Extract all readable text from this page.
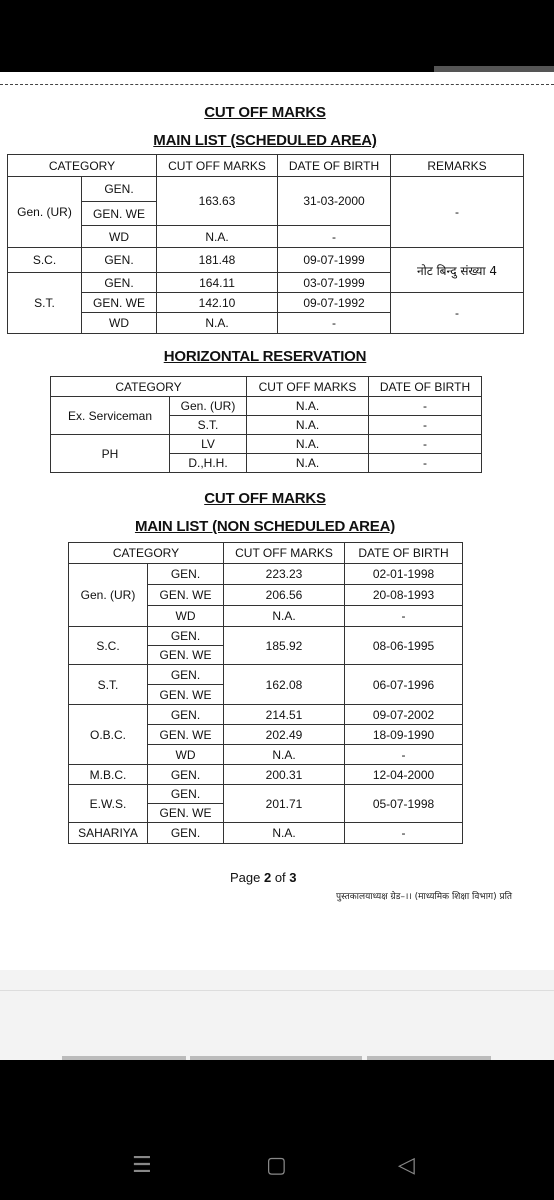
CUT OFF MARKS
MAIN LIST (SCHEDULED AREA)
CATEGORY		CUT OFF MARKS	DATE OF BIRTH	REMARKS
Gen. (UR)	GEN.	163.63	31-03-2000	-
	GEN. WE			
	WD	N.A.	-	
S.C.	GEN.	181.48	09-07-1999	नोट बिन्दु संख्या 4
S.T.	GEN.	164.11	03-07-1999	
	GEN. WE	142.10	09-07-1992	-
	WD	N.A.	-	
HORIZONTAL RESERVATION
CATEGORY		CUT OFF MARKS	DATE OF BIRTH
Ex. Serviceman	Gen. (UR)	N.A.	-
	S.T.	N.A.	-
PH	LV	N.A.	-
	D.,H.H.	N.A.	-
CUT OFF MARKS
MAIN LIST (NON SCHEDULED AREA)
CATEGORY		CUT OFF MARKS	DATE OF BIRTH
Gen. (UR)	GEN.	223.23	02-01-1998
	GEN. WE	206.56	20-08-1993
	WD	N.A.	-
S.C.	GEN.	185.92	08-06-1995
	GEN. WE		
S.T.	GEN.	162.08	06-07-1996
	GEN. WE		
O.B.C.	GEN.	214.51	09-07-2002
	GEN. WE	202.49	18-09-1990
	WD	N.A.	-
M.B.C.	GEN.	200.31	12-04-2000
E.W.S.	GEN.	201.71	05-07-1998
	GEN. WE		
SAHARIYA	GEN.	N.A.	-
Page 2 of 3
पुस्तकालयाध्यक्ष ग्रेड–।। (माध्यमिक शिक्षा विभाग) प्रति
☰	▢	◁
